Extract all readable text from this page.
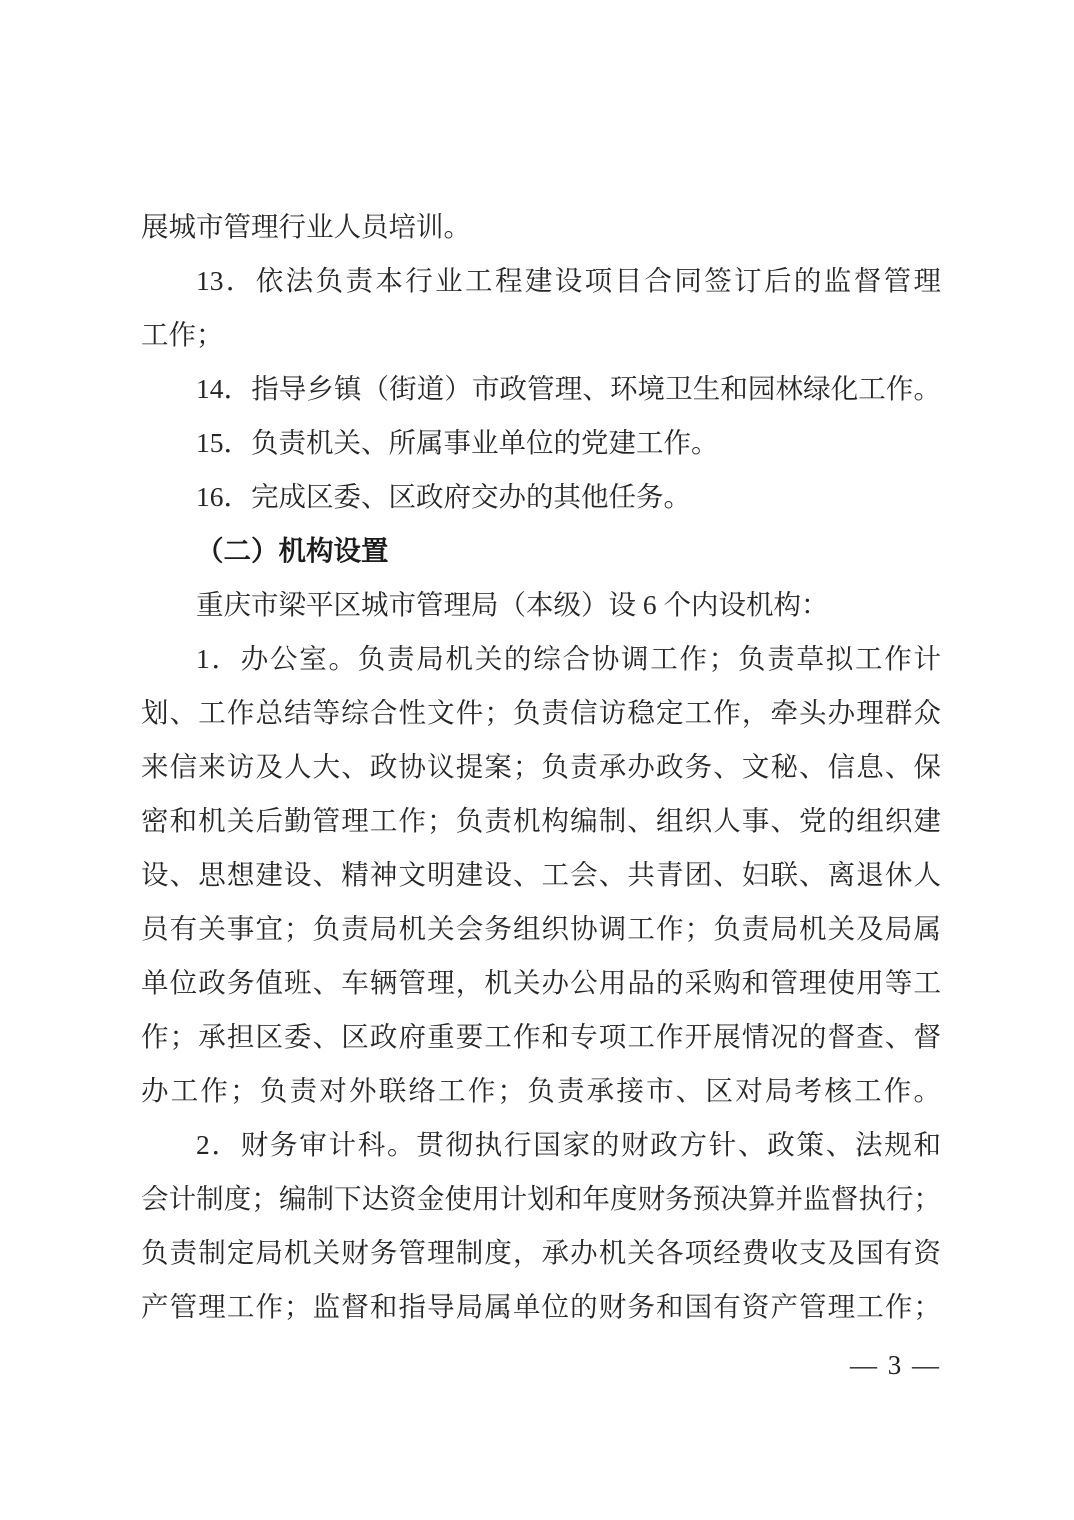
展城市管理行业人员培训。
13．依法负责本行业工程建设项目合同签订后的监督管理
工作；
14．指导乡镇（街道）市政管理、环境卫生和园林绿化工作。
15．负责机关、所属事业单位的党建工作。
16．完成区委、区政府交办的其他任务。
（二）机构设置
重庆市梁平区城市管理局（本级）设 6 个内设机构：
1．办公室。负责局机关的综合协调工作；负责草拟工作计
划、工作总结等综合性文件；负责信访稳定工作，牵头办理群众
来信来访及人大、政协议提案；负责承办政务、文秘、信息、保
密和机关后勤管理工作；负责机构编制、组织人事、党的组织建
设、思想建设、精神文明建设、工会、共青团、妇联、离退休人
员有关事宜；负责局机关会务组织协调工作；负责局机关及局属
单位政务值班、车辆管理，机关办公用品的采购和管理使用等工
作；承担区委、区政府重要工作和专项工作开展情况的督查、督
办工作；负责对外联络工作；负责承接市、区对局考核工作。
2．财务审计科。贯彻执行国家的财政方针、政策、法规和
会计制度；编制下达资金使用计划和年度财务预决算并监督执行；
负责制定局机关财务管理制度，承办机关各项经费收支及国有资
产管理工作；监督和指导局属单位的财务和国有资产管理工作；
— 3 —
